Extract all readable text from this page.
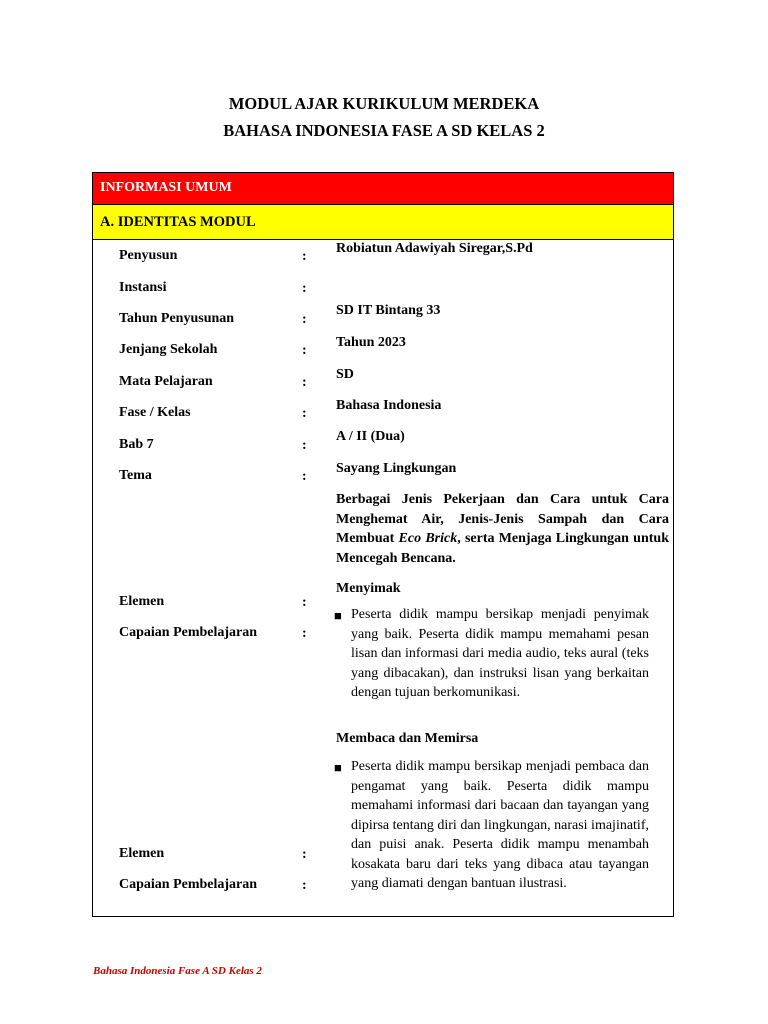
MODUL AJAR KURIKULUM MERDEKA
BAHASA INDONESIA FASE A SD KELAS 2
INFORMASI UMUM
A. IDENTITAS MODUL
Penyusun
Instansi
Tahun Penyusunan
Jenjang Sekolah
Mata Pelajaran
Fase / Kelas
Bab 7
Tema
Elemen
Capaian Pembelajaran
Elemen
Capaian Pembelajaran
:
:
:
:
:
:
:
:
:
:
:
:
Robiatun Adawiyah Siregar,S.Pd
SD IT Bintang 33
Tahun 2023
SD
Bahasa Indonesia
A / II (Dua)
Sayang Lingkungan
Berbagai Jenis Pekerjaan dan Cara untuk Cara Menghemat Air, Jenis-Jenis Sampah dan Cara Membuat Eco Brick, serta Menjaga Lingkungan untuk Mencegah Bencana.
Menyimak
■ Peserta didik mampu bersikap menjadi penyimak yang baik. Peserta didik mampu memahami pesan lisan dan informasi dari media audio, teks aural (teks yang dibacakan), dan instruksi lisan yang berkaitan dengan tujuan berkomunikasi.
Membaca dan Memirsa
■ Peserta didik mampu bersikap menjadi pembaca dan pengamat yang baik. Peserta didik mampu memahami informasi dari bacaan dan tayangan yang dipirsa tentang diri dan lingkungan, narasi imajinatif, dan puisi anak. Peserta didik mampu menambah kosakata baru dari teks yang dibaca atau tayangan yang diamati dengan bantuan ilustrasi.
Bahasa Indonesia Fase A SD Kelas 2
